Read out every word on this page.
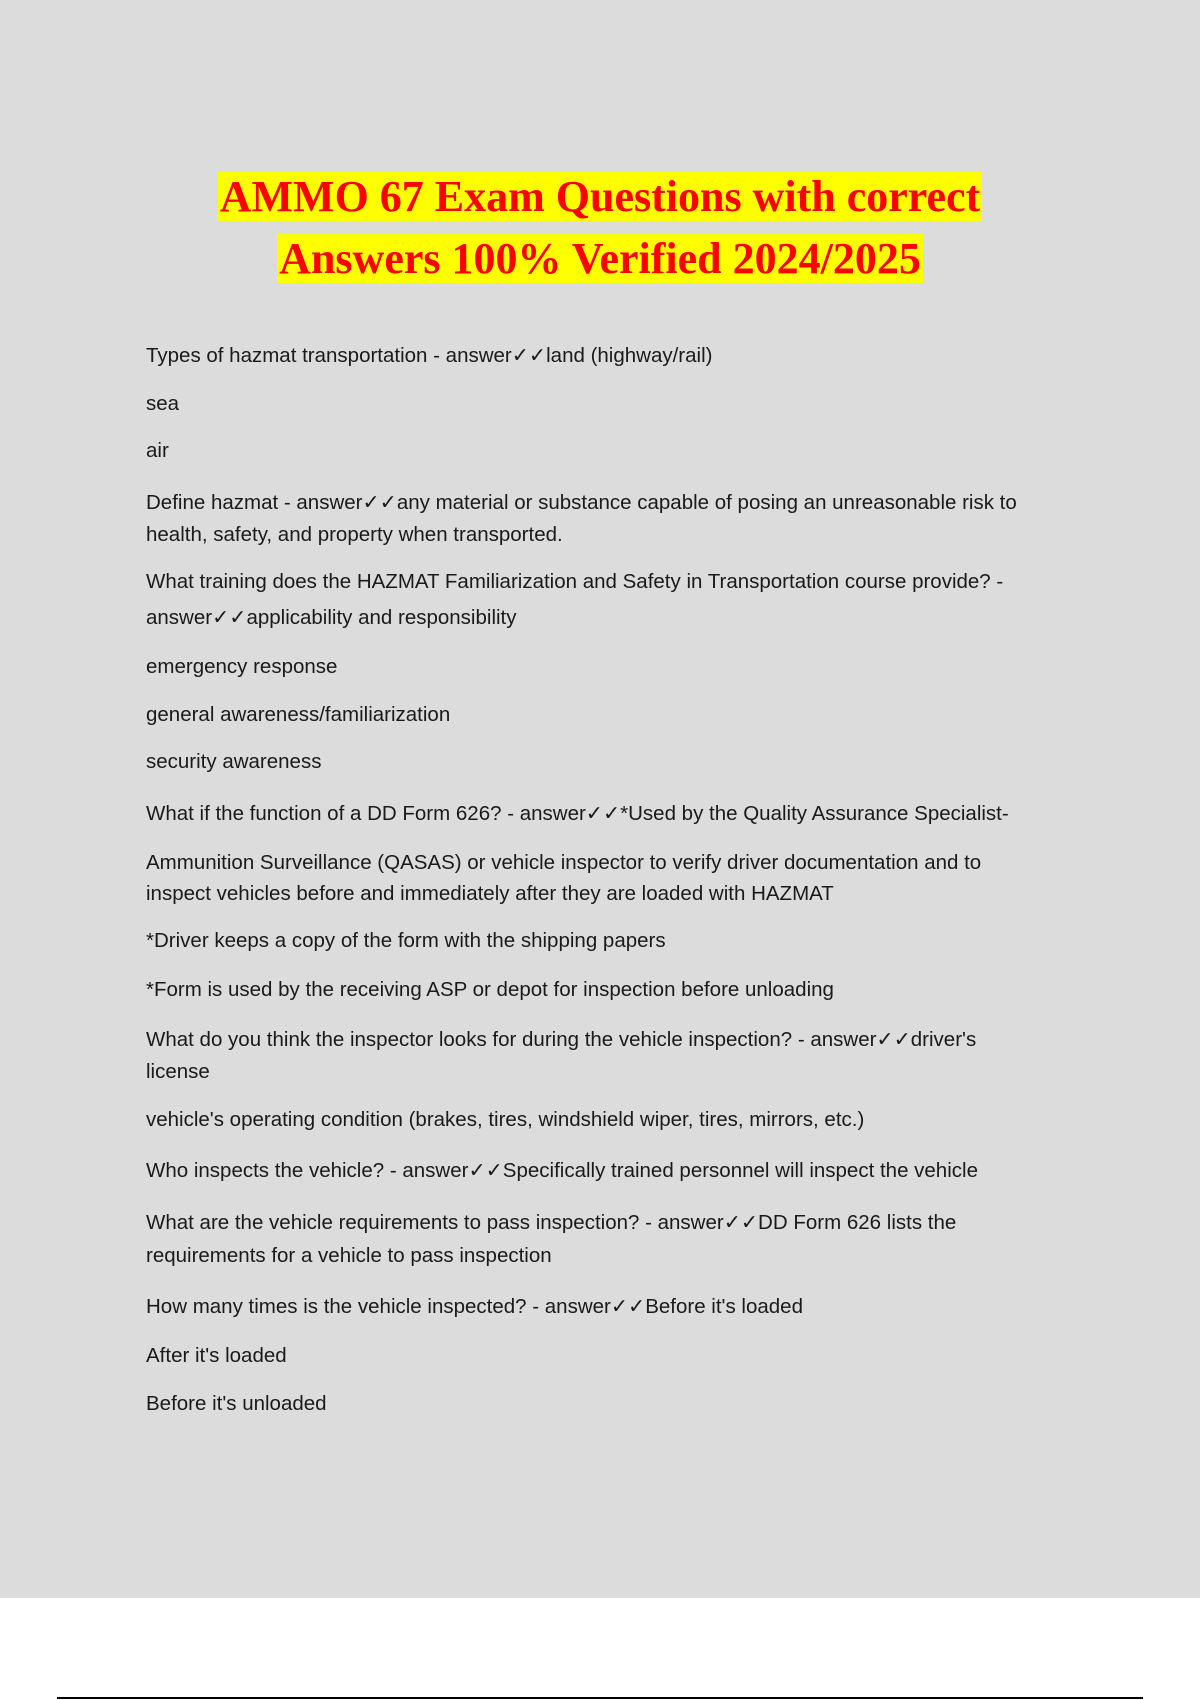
AMMO 67 Exam Questions with correct
Answers 100% Verified 2024/2025
Types of hazmat transportation - answer✓✓land (highway/rail)
sea
air
Define hazmat - answer✓✓any material or substance capable of posing an unreasonable risk to
health, safety, and property when transported.
What training does the HAZMAT Familiarization and Safety in Transportation course provide? -
answer✓✓applicability and responsibility
emergency response
general awareness/familiarization
security awareness
What if the function of a DD Form 626? - answer✓✓*Used by the Quality Assurance Specialist-
Ammunition Surveillance (QASAS) or vehicle inspector to verify driver documentation and to
inspect vehicles before and immediately after they are loaded with HAZMAT
*Driver keeps a copy of the form with the shipping papers
*Form is used by the receiving ASP or depot for inspection before unloading
What do you think the inspector looks for during the vehicle inspection? - answer✓✓driver's
license
vehicle's operating condition (brakes, tires, windshield wiper, tires, mirrors, etc.)
Who inspects the vehicle? - answer✓✓Specifically trained personnel will inspect the vehicle
What are the vehicle requirements to pass inspection? - answer✓✓DD Form 626 lists the
requirements for a vehicle to pass inspection
How many times is the vehicle inspected? - answer✓✓Before it's loaded
After it's loaded
Before it's unloaded
